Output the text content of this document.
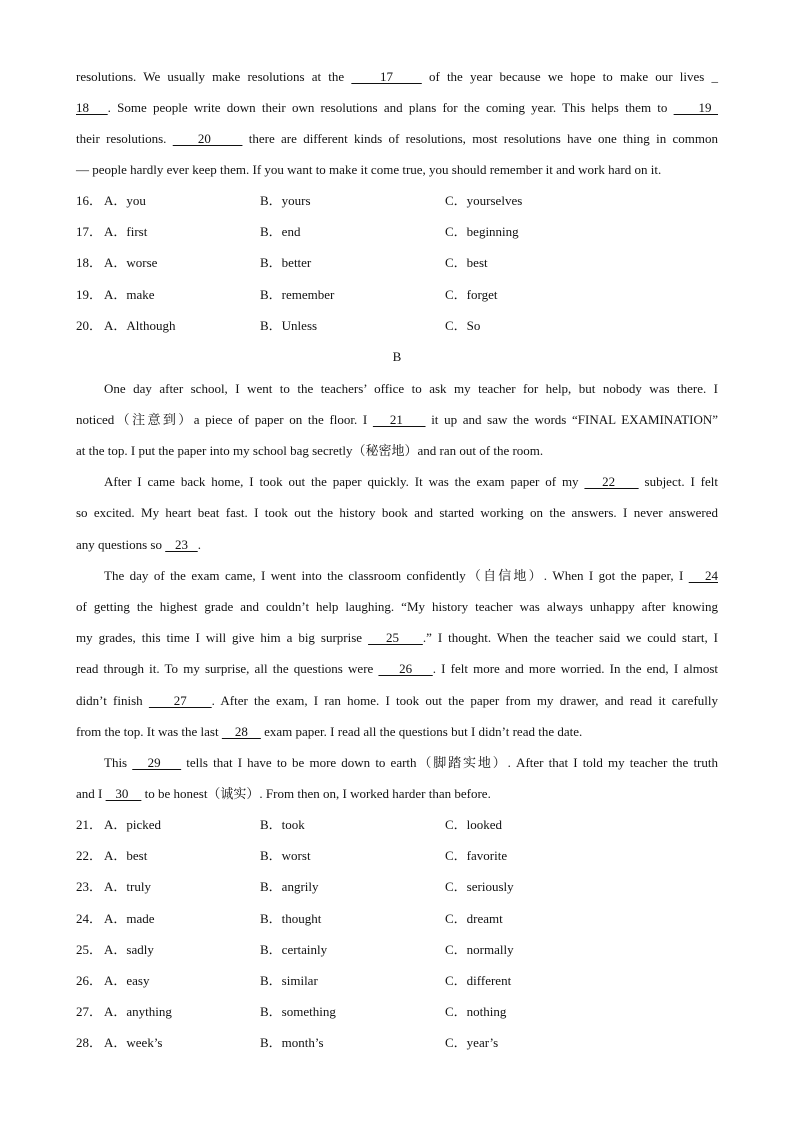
resolutions. We usually make resolutions at the     17     of the year because we hope to make our lives _
18   . Some people write down their own resolutions and plans for the coming year. This helps them to     19
their resolutions.     20      there are different kinds of resolutions, most resolutions have one thing in common
— people hardly ever keep them. If you want to make it come true, you should remember it and work hard on it.
16． A．you	B．yours	C．yourselves
17． A．first	B．end	C．beginning
18． A．worse	B．better	C．best
19． A．make	B．remember	C．forget
20． A．Although	B．Unless	C．So
B
One day after school, I went to the teachers’ office to ask my teacher for help, but nobody was there. I
noticed（注意到）a piece of paper on the floor. I    21     it up and saw the words “FINAL EXAMINATION”
at the top. I put the paper into my school bag secretly（秘密地）and ran out of the room.
After I came back home, I took out the paper quickly. It was the exam paper of my    22     subject. I felt
so excited. My heart beat fast. I took out the history book and started working on the answers. I never answered
any questions so    23   .
The day of the exam came, I went into the classroom confidently（自信地）. When I got the paper, I    24
of getting the highest grade and couldn’t help laughing. “My history teacher was always unhappy after knowing
my grades, this time I will give him a big surprise    25    .” I thought. When the teacher said we could start, I
read through it. To my surprise, all the questions were     26    . I felt more and more worried. In the end, I almost
didn’t finish     27    . After the exam, I ran home. I took out the paper from my drawer, and read it carefully
from the top. It was the last     28     exam paper. I read all the questions but I didn’t read the date.
This    29     tells that I have to be more down to earth（脚踏实地）. After that I told my teacher the truth
and I    30     to be honest（诚实）. From then on, I worked harder than before.
21． A．picked	B．took	C．looked
22． A．best	B．worst	C．favorite
23． A．truly	B．angrily	C．seriously
24． A．made	B．thought	C．dreamt
25． A．sadly	B．certainly	C．normally
26． A．easy	B．similar	C．different
27． A．anything	B．something	C．nothing
28． A．week’s	B．month’s	C．year’s
